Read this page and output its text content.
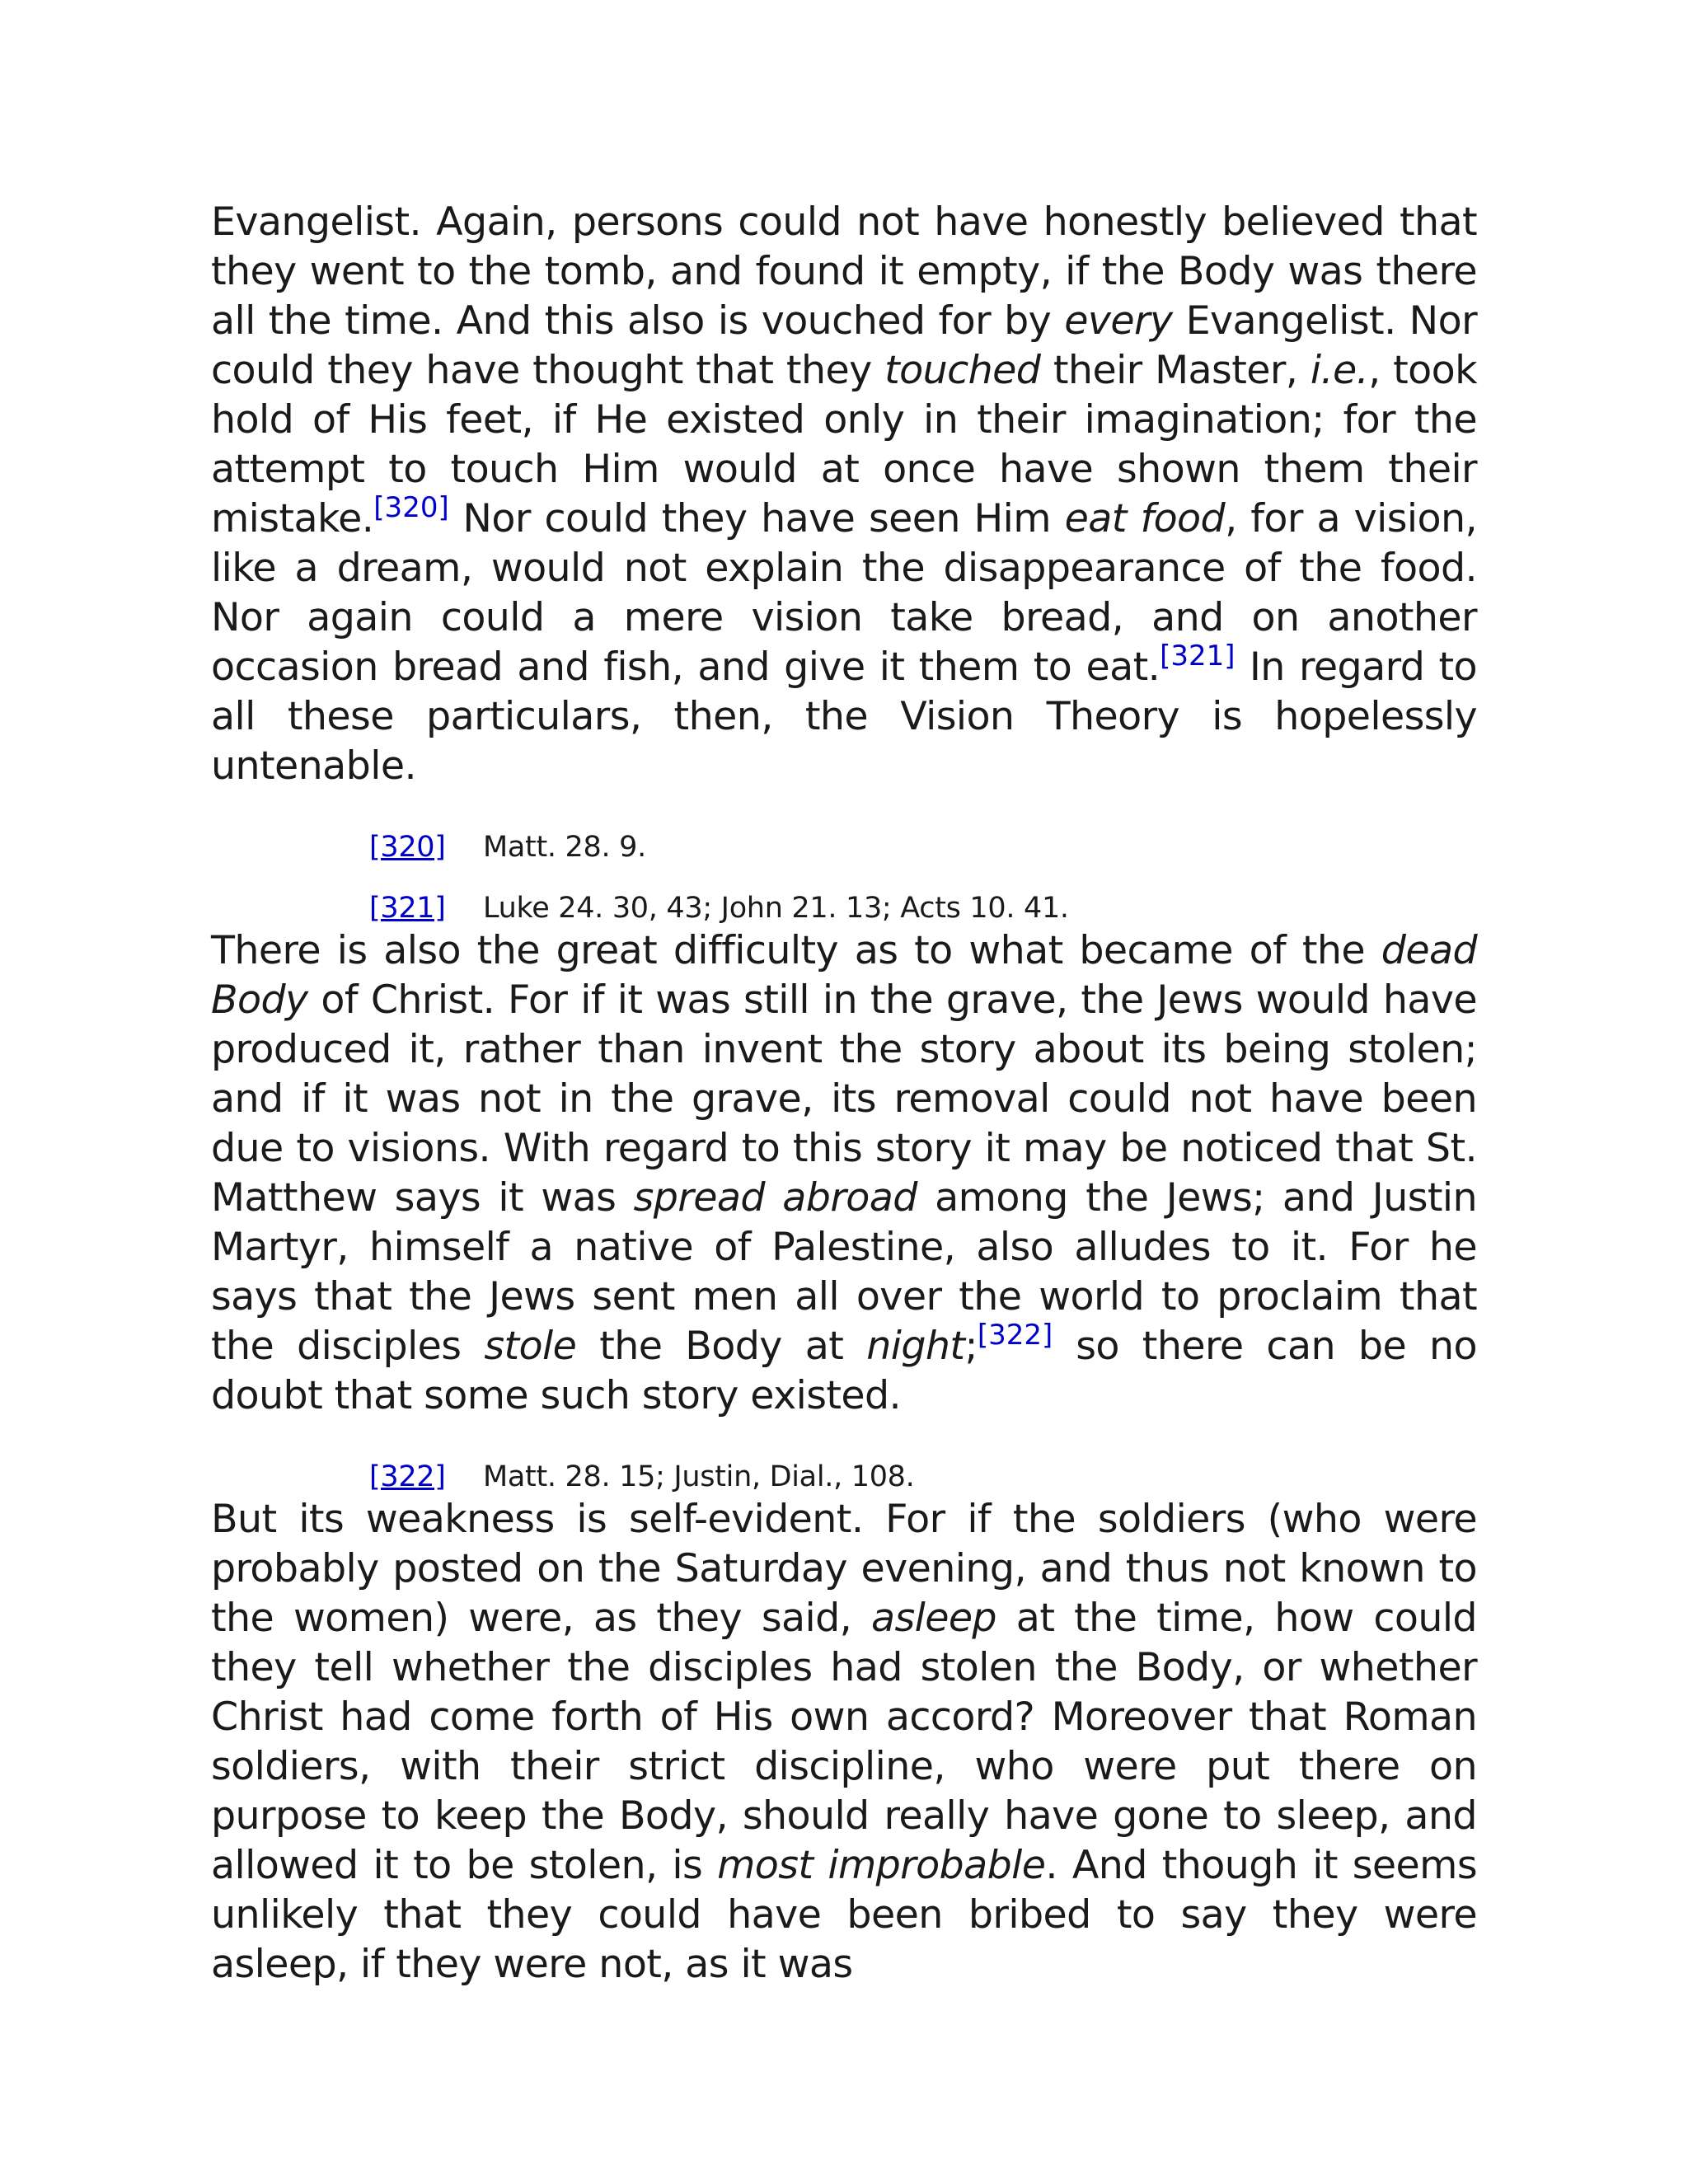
Evangelist. Again, persons could not have honestly believed that they went to the tomb, and found it empty, if the Body was there all the time. And this also is vouched for by every Evangelist. Nor could they have thought that they touched their Master, i.e., took hold of His feet, if He existed only in their imagination; for the attempt to touch Him would at once have shown them their mistake.[320] Nor could they have seen Him eat food, for a vision, like a dream, would not explain the disappearance of the food. Nor again could a mere vision take bread, and on another occasion bread and fish, and give it them to eat.[321] In regard to all these particulars, then, the Vision Theory is hopelessly untenable.

[320]	Matt. 28. 9.
[321]	Luke 24. 30, 43; John 21. 13; Acts 10. 41.

There is also the great difficulty as to what became of the dead Body of Christ. For if it was still in the grave, the Jews would have produced it, rather than invent the story about its being stolen; and if it was not in the grave, its removal could not have been due to visions. With regard to this story it may be noticed that St. Matthew says it was spread abroad among the Jews; and Justin Martyr, himself a native of Palestine, also alludes to it. For he says that the Jews sent men all over the world to proclaim that the disciples stole the Body at night;[322] so there can be no doubt that some such story existed.

[322]	Matt. 28. 15; Justin, Dial., 108.

But its weakness is self-evident. For if the soldiers (who were probably posted on the Saturday evening, and thus not known to the women) were, as they said, asleep at the time, how could they tell whether the disciples had stolen the Body, or whether Christ had come forth of His own accord? Moreover that Roman soldiers, with their strict discipline, who were put there on purpose to keep the Body, should really have gone to sleep, and allowed it to be stolen, is most improbable. And though it seems unlikely that they could have been bribed to say they were asleep, if they were not, as it was
